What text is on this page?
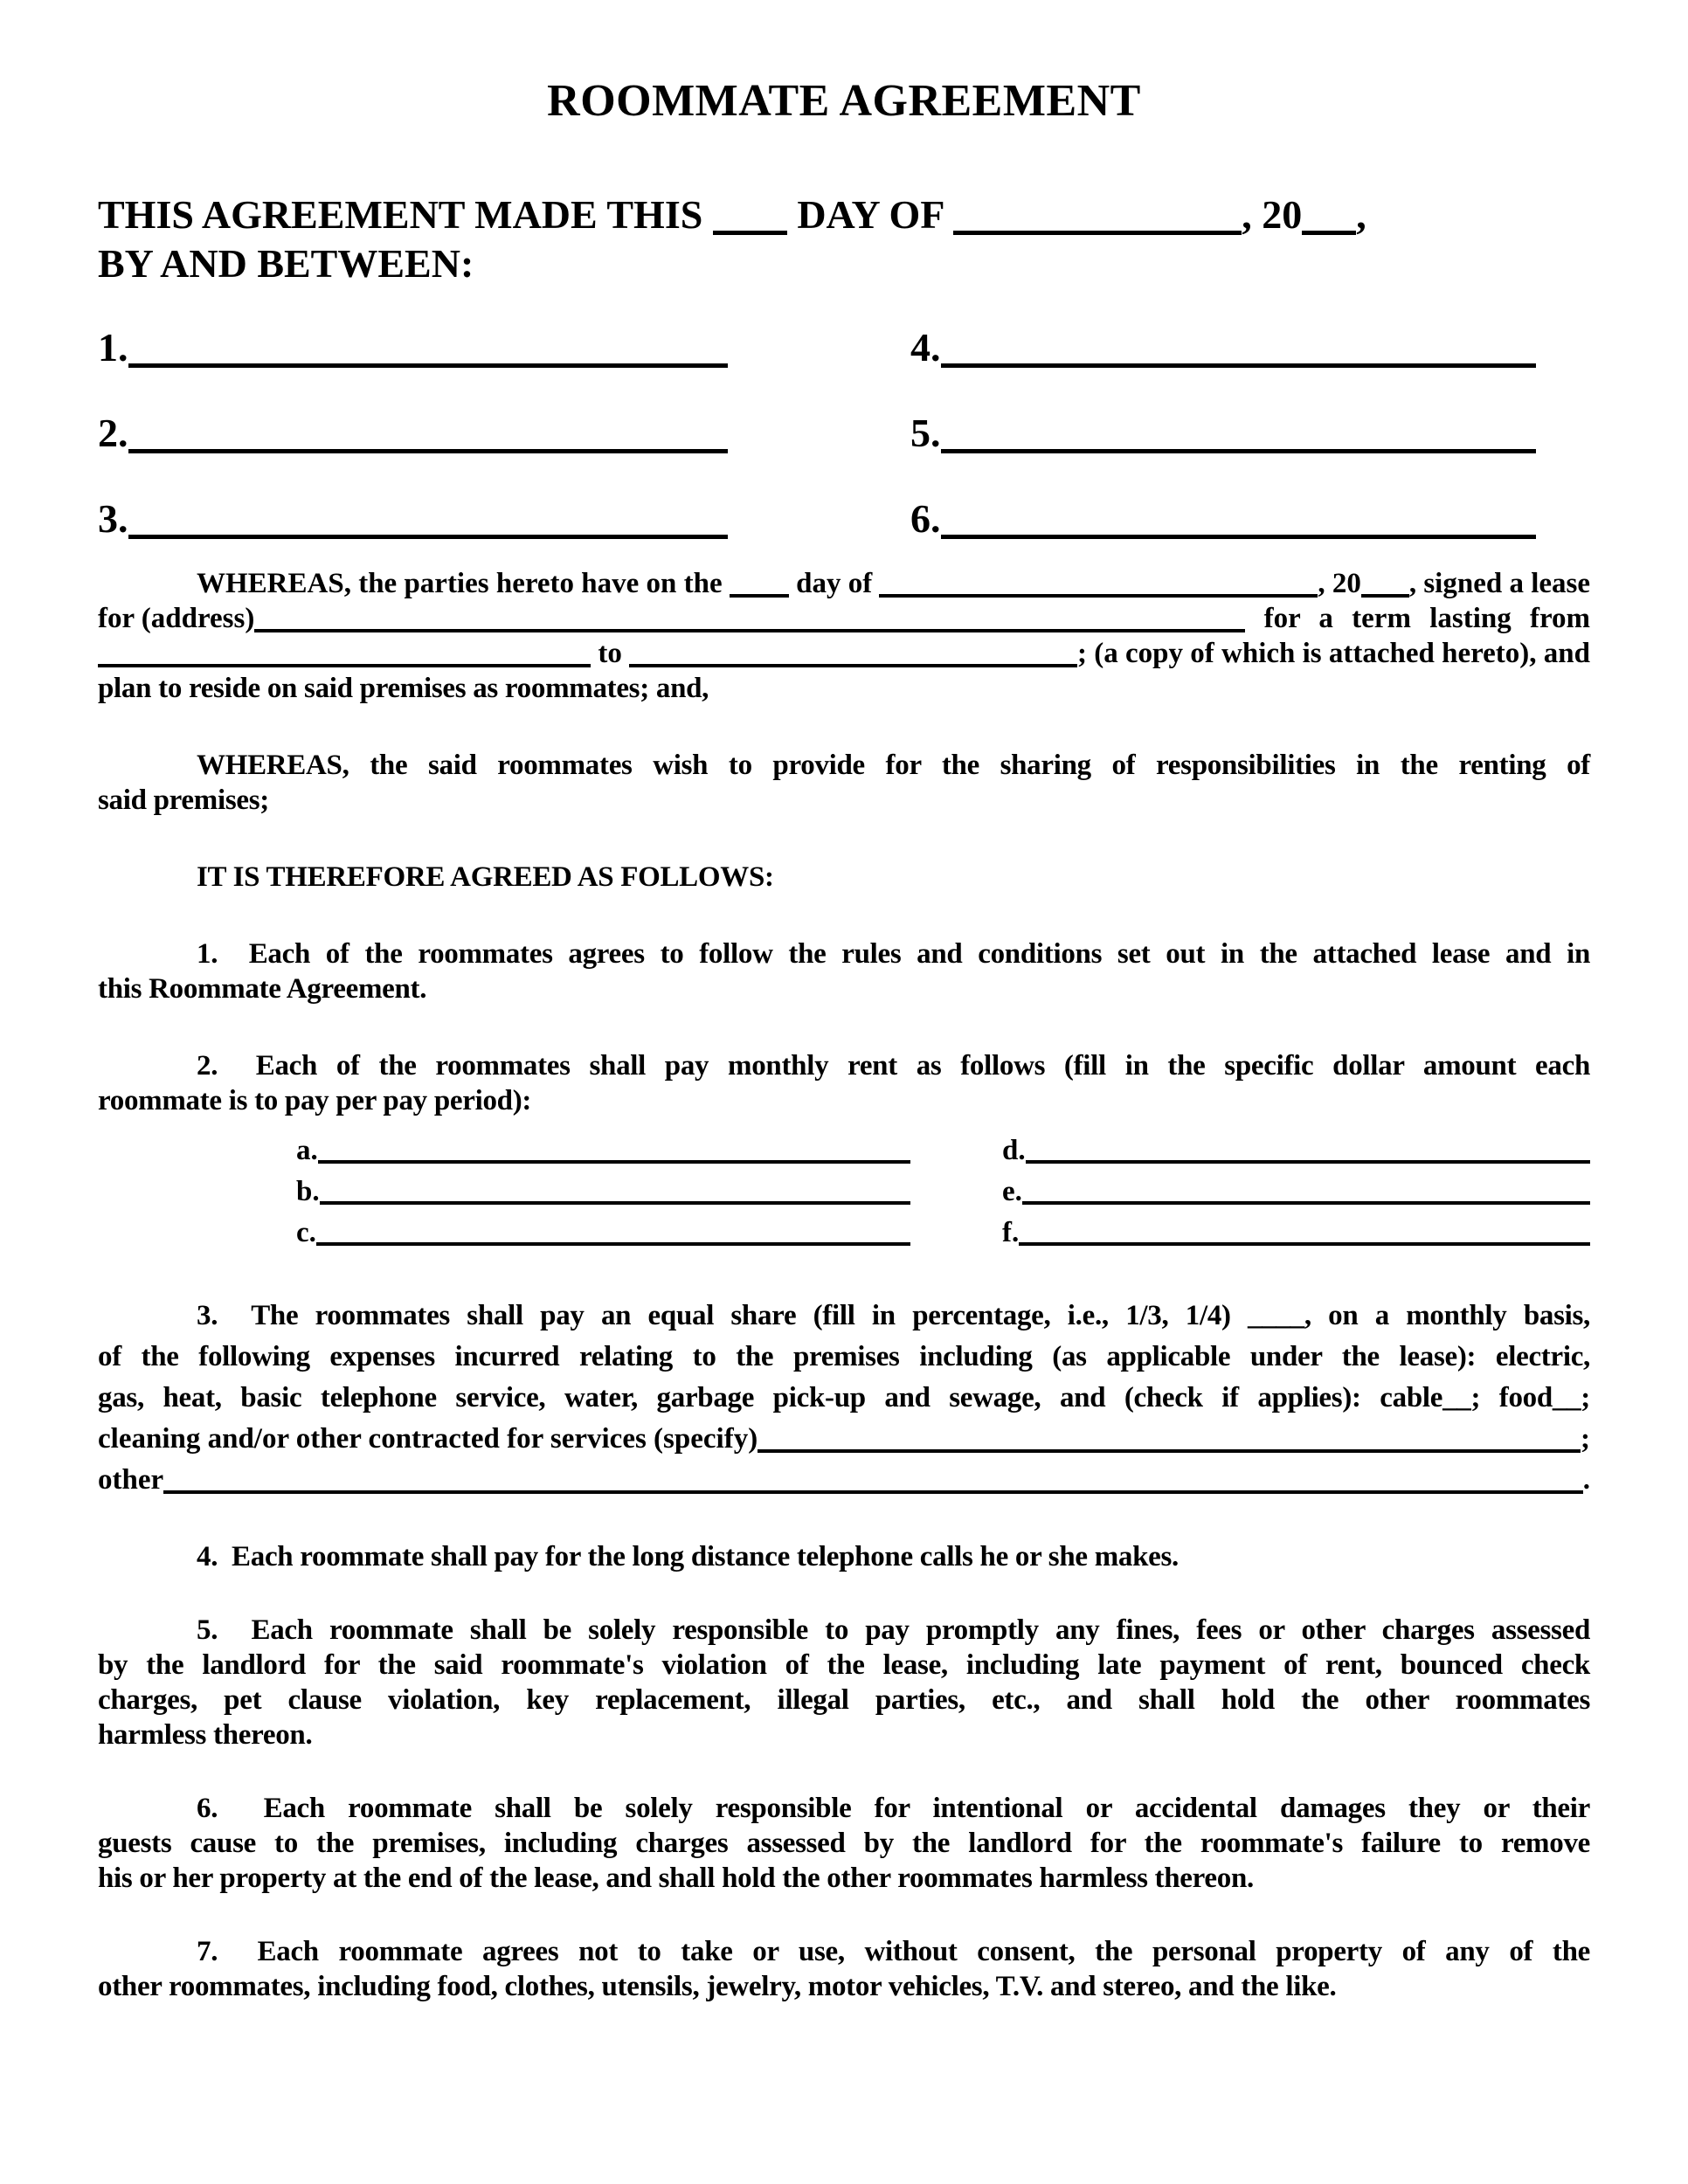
ROOMMATE AGREEMENT
THIS AGREEMENT MADE THIS DAY OF	, 20 ,
BY AND BETWEEN:
1.	4.
2.	5.
3.	6.
WHEREAS, the parties hereto have on the day of	, 20 , signed a lease
for (address)	for a term lasting from
to	; (a copy of which is attached hereto), and
plan to reside on said premises as roommates; and,
WHEREAS, the said roommates wish to provide for the sharing of responsibilities in the renting of
said premises;
IT IS THEREFORE AGREED AS FOLLOWS:
1.  Each of the roommates agrees to follow the rules and conditions set out in the attached lease and in
this Roommate Agreement.
2.  Each of the roommates shall pay monthly rent as follows (fill in the specific dollar amount each
roommate is to pay per pay period):
a.	d.
b.	e.
c.	f.
3.  The roommates shall pay an equal share (fill in percentage, i.e., 1/3, 1/4) ____, on a monthly basis,
of the following expenses incurred relating to the premises including (as applicable under the lease): electric,
gas, heat, basic telephone service, water, garbage pick-up and sewage, and (check if applies): cable__; food__;
cleaning and/or other contracted for services (specify)	;
other	.
4.  Each roommate shall pay for the long distance telephone calls he or she makes.
5.  Each roommate shall be solely responsible to pay promptly any fines, fees or other charges assessed
by the landlord for the said roommate's violation of the lease, including late payment of rent, bounced check
charges, pet clause violation, key replacement, illegal parties, etc., and shall hold the other roommates
harmless thereon.
6.  Each roommate shall be solely responsible for intentional or accidental damages they or their
guests cause to the premises, including charges assessed by the landlord for the roommate's failure to remove
his or her property at the end of the lease, and shall hold the other roommates harmless thereon.
7.  Each roommate agrees not to take or use, without consent, the personal property of any of the
other roommates, including food, clothes, utensils, jewelry, motor vehicles, T.V. and stereo, and the like.
